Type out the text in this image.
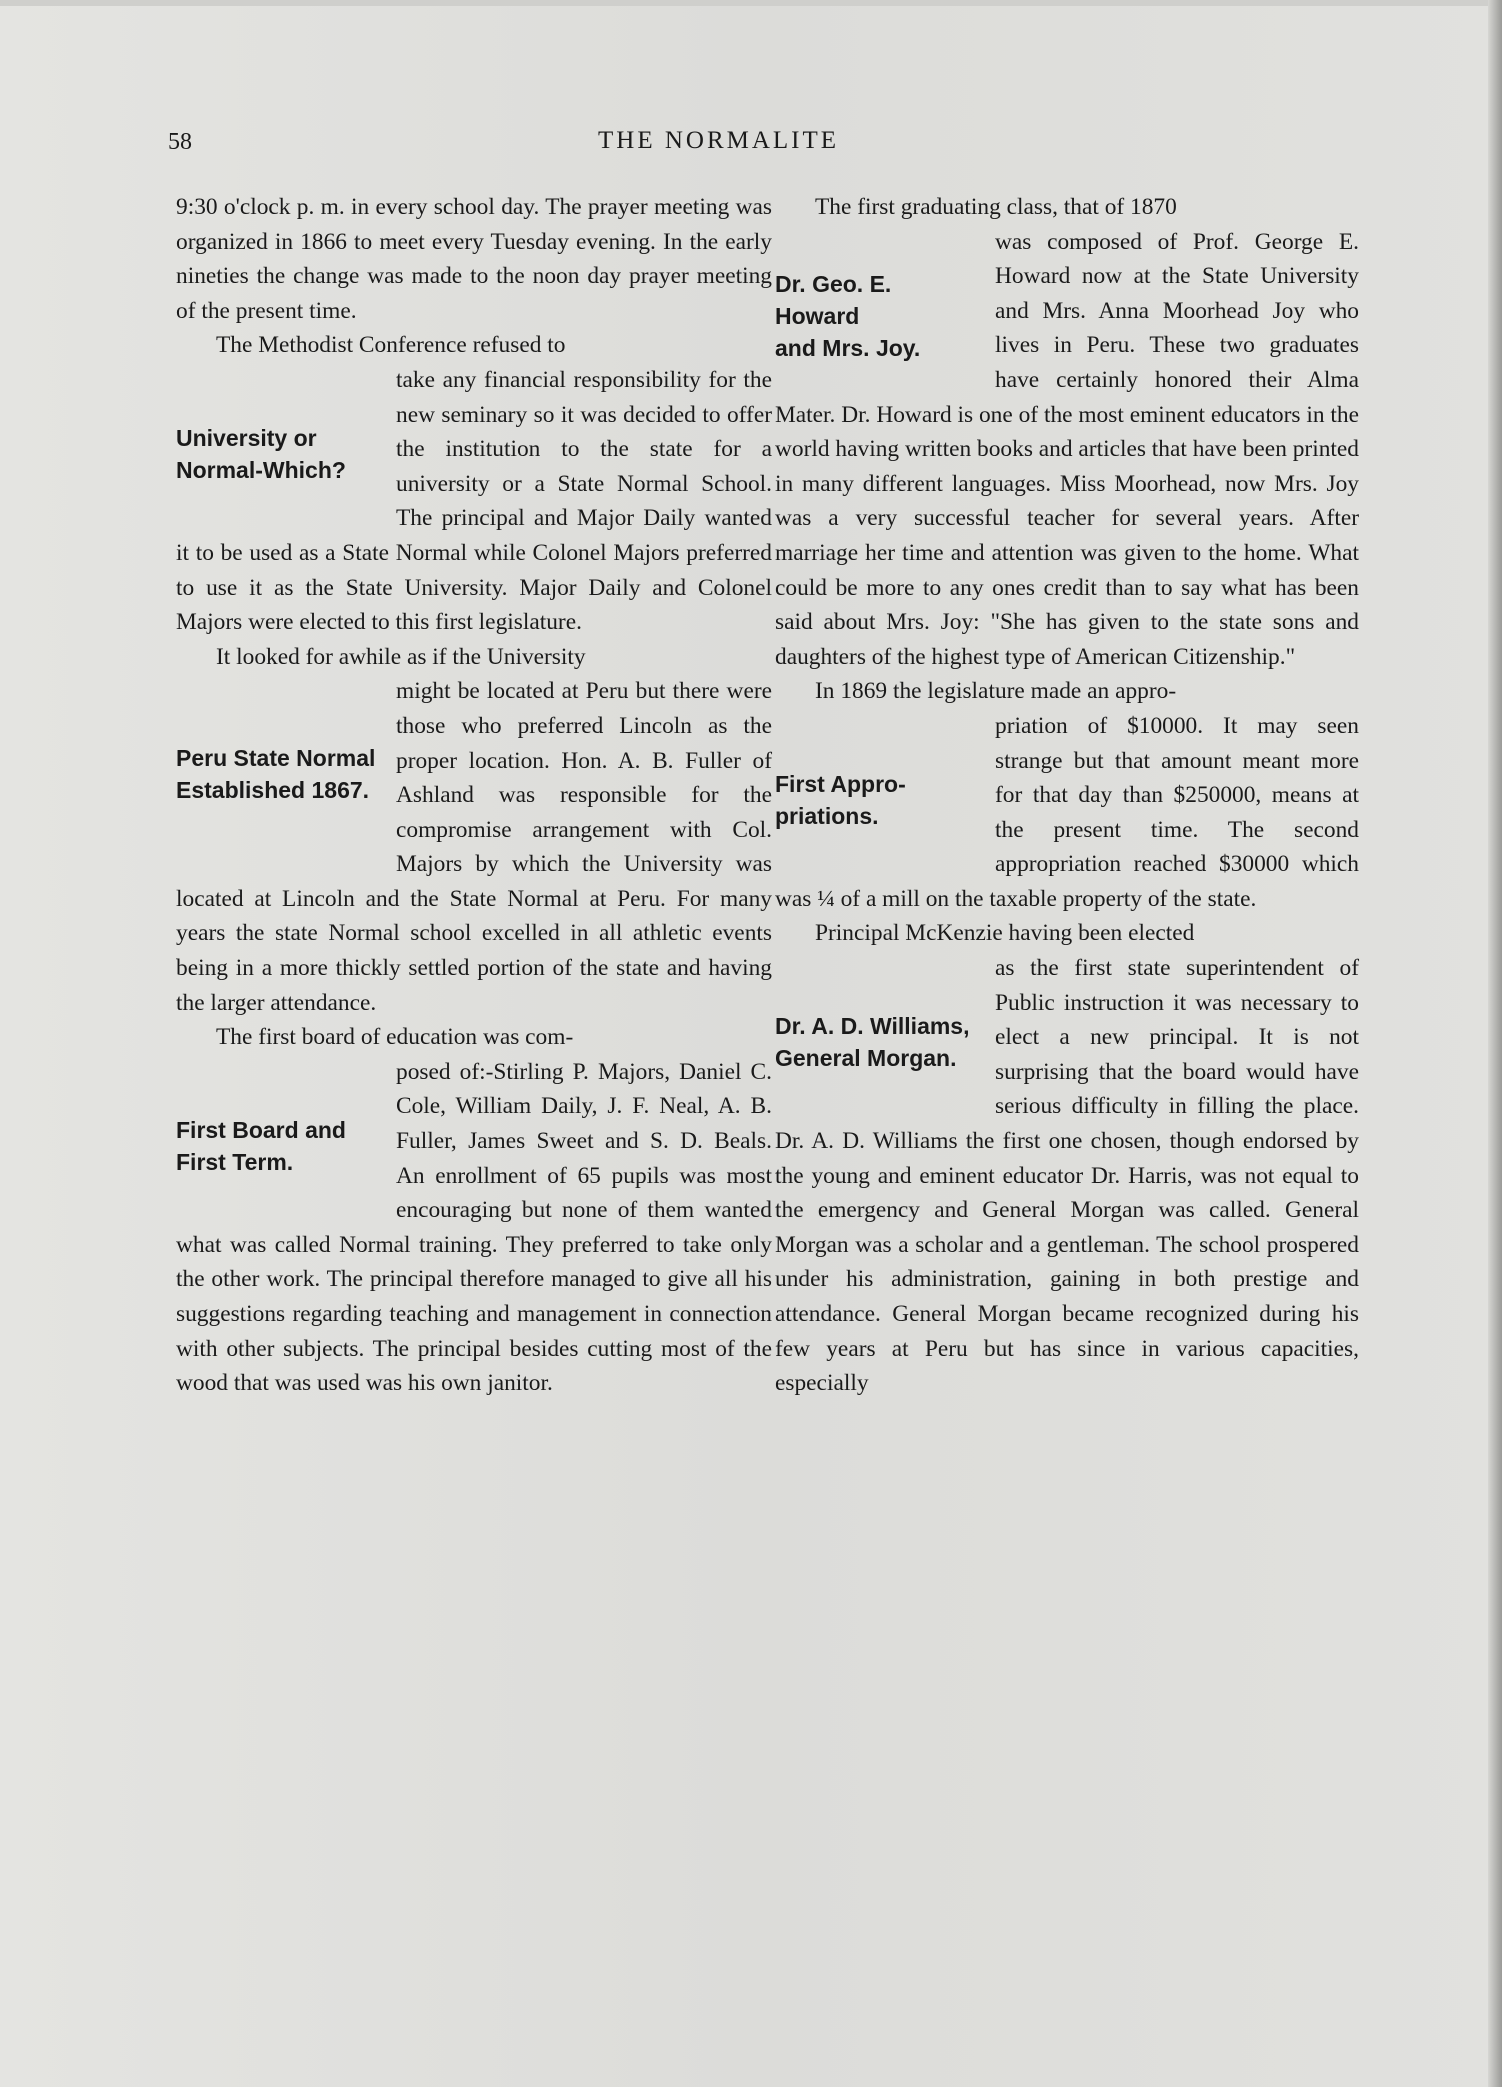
58	THE NORMALITE

9:30 o'clock p. m. in every school day. The prayer meeting was organized in 1866 to meet every Tuesday evening. In the early nineties the change was made to the noon day prayer meeting of the present time.

The Methodist Conference refused to

University or
Normal-Which?

take any financial responsibility for the new seminary so it was decided to offer the institution to the state for a university or a State Normal School. The principal and Major Daily wanted it to be used as a State Normal while Colonel Majors preferred to use it as the State University. Major Daily and Colonel Majors were elected to this first legislature.

It looked for awhile as if the University

Peru State Normal
Established 1867.

might be located at Peru but there were those who preferred Lincoln as the proper location. Hon. A. B. Fuller of Ashland was responsible for the compromise arrangement with Col. Majors by which the University was located at Lincoln and the State Normal at Peru. For many years the state Normal school excelled in all athletic events being in a more thickly settled portion of the state and having the larger attendance.

The first board of education was com-

First Board and
First Term.

posed of:-Stirling P. Majors, Daniel C. Cole, William Daily, J. F. Neal, A. B. Fuller, James Sweet and S. D. Beals. An enrollment of 65 pupils was most encouraging but none of them wanted what was called Normal training. They preferred to take only the other work. The principal therefore managed to give all his suggestions regarding teaching and management in connection with other subjects. The principal besides cutting most of the wood that was used was his own janitor.

The first graduating class, that of 1870

Dr. Geo. E. Howard
and Mrs. Joy.

was composed of Prof. George E. Howard now at the State University and Mrs. Anna Moorhead Joy who lives in Peru. These two graduates have certainly honored their Alma Mater. Dr. Howard is one of the most eminent educators in the world having written books and articles that have been printed in many different languages. Miss Moorhead, now Mrs. Joy was a very successful teacher for several years. After marriage her time and attention was given to the home. What could be more to any ones credit than to say what has been said about Mrs. Joy: "She has given to the state sons and daughters of the highest type of American Citizenship."

In 1869 the legislature made an appro-

First Appro-
priations.

priation of $10000. It may seen strange but that amount meant more for that day than $250000, means at the present time. The second appropriation reached $30000 which was ¼ of a mill on the taxable property of the state.

Principal McKenzie having been elected

Dr. A. D. Williams,
General Morgan.

as the first state superintendent of Public instruction it was necessary to elect a new principal. It is not surprising that the board would have serious difficulty in filling the place. Dr. A. D. Williams the first one chosen, though endorsed by the young and eminent educator Dr. Harris, was not equal to the emergency and General Morgan was called. General Morgan was a scholar and a gentleman. The school prospered under his administration, gaining in both prestige and attendance. General Morgan became recognized during his few years at Peru but has since in various capacities, especially
